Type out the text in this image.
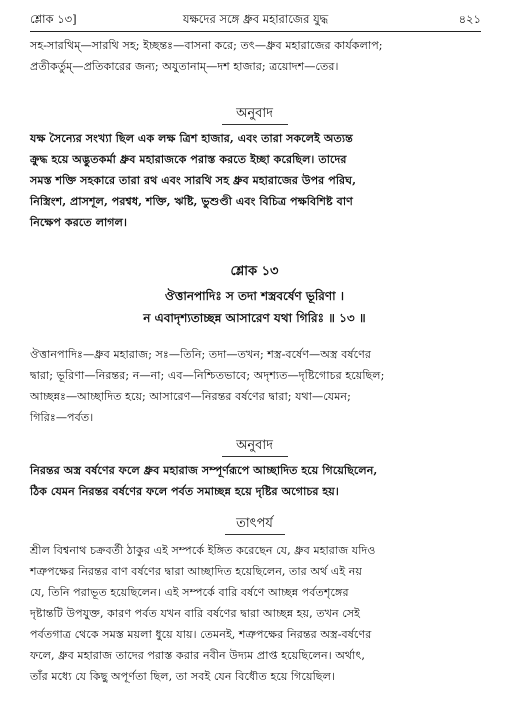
শ্লোক ১৩]	যক্ষদের সঙ্গে ধ্রুব মহারাজের যুদ্ধ	৪২১
সহ-সারথিম্—সারথি সহ; ইচ্ছন্তঃ—বাসনা করে; তৎ—ধ্রুব মহারাজের কার্যকলাপ;
প্রতীকর্তুম্—প্রতিকারের জন্য; অযুতানাম্—দশ হাজার; ত্রয়োদশ—তের।
অনুবাদ
যক্ষ সৈন্যের সংখ্যা ছিল এক লক্ষ ত্রিশ হাজার, এবং তারা সকলেই অত্যন্ত
ক্রুদ্ধ হয়ে অদ্ভুতকর্মা ধ্রুব মহারাজকে পরাস্ত করতে ইচ্ছা করেছিল। তাদের
সমস্ত শক্তি সহকারে তারা রথ এবং সারথি সহ ধ্রুব মহারাজের উপর পরিঘ,
নিস্ত্রিংশ, প্রাসশূল, পরশ্বধ, শক্তি, ঋষ্টি, ভুশুণ্ডী এবং বিচিত্র পক্ষবিশিষ্ট বাণ
নিক্ষেপ করতে লাগল।
শ্লোক ১৩
ঔত্তানপাদিঃ স তদা শস্ত্রবর্ষেণ ভূরিণা ।
ন এবাদৃশ্যতাচ্ছন্ন আসারেণ যথা গিরিঃ ॥ ১৩ ॥
ঔত্তানপাদিঃ—ধ্রুব মহারাজ; সঃ—তিনি; তদা—তখন; শস্ত্র-বর্ষেণ—অস্ত্র বর্ষণের
দ্বারা; ভূরিণা—নিরন্তর; ন—না; এব—নিশ্চিতভাবে; অদৃশ্যত—দৃষ্টিগোচর হয়েছিল;
আচ্ছন্নঃ—আচ্ছাদিত হয়ে; আসারেণ—নিরন্তর বর্ষণের দ্বারা; যথা—যেমন;
গিরিঃ—পর্বত।
অনুবাদ
নিরন্তর অস্ত্র বর্ষণের ফলে ধ্রুব মহারাজ সম্পূর্ণরূপে আচ্ছাদিত হয়ে গিয়েছিলেন,
ঠিক যেমন নিরন্তর বর্ষণের ফলে পর্বত সমাচ্ছন্ন হয়ে দৃষ্টির অগোচর হয়।
তাৎপর্য
শ্রীল বিশ্বনাথ চক্রবর্তী ঠাকুর এই সম্পর্কে ইঙ্গিত করেছেন যে, ধ্রুব মহারাজ যদিও
শত্রুপক্ষের নিরন্তর বাণ বর্ষণের দ্বারা আচ্ছাদিত হয়েছিলেন, তার অর্থ এই নয়
যে, তিনি পরাভূত হয়েছিলেন। এই সম্পর্কে বারি বর্ষণে আচ্ছন্ন পর্বতশৃঙ্গের
দৃষ্টান্তটি উপযুক্ত, কারণ পর্বত যখন বারি বর্ষণের দ্বারা আচ্ছন্ন হয়, তখন সেই
পর্বতগাত্র থেকে সমস্ত ময়লা ধুয়ে যায়। তেমনই, শত্রুপক্ষের নিরন্তর অস্ত্র-বর্ষণের
ফলে, ধ্রুব মহারাজ তাদের পরাস্ত করার নবীন উদ্যম প্রাপ্ত হয়েছিলেন। অর্থাৎ,
তাঁর মধ্যে যে কিছু অপূর্ণতা ছিল, তা সবই যেন বিধৌত হয়ে গিয়েছিল।
